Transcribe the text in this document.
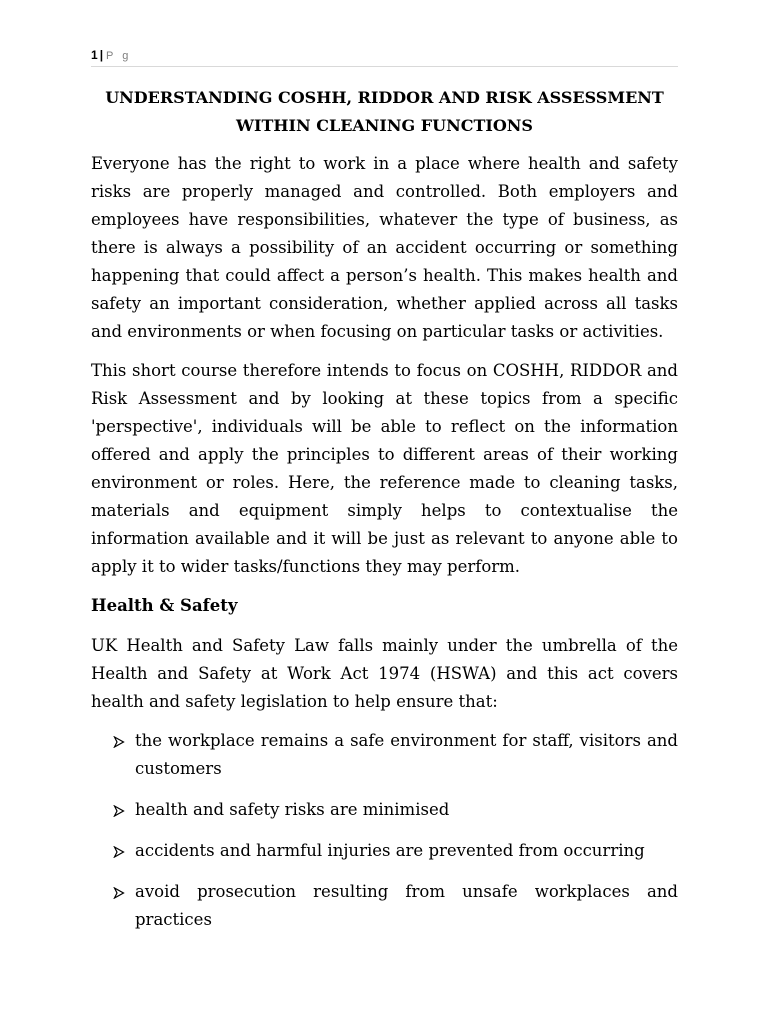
1 | P g
UNDERSTANDING COSHH, RIDDOR AND RISK ASSESSMENT
WITHIN CLEANING FUNCTIONS

Everyone has the right to work in a place where health and safety risks are properly managed and controlled. Both employers and employees have responsibilities, whatever the type of business, as there is always a possibility of an accident occurring or something happening that could affect a person’s health. This makes health and safety an important consideration, whether applied across all tasks and environments or when focusing on particular tasks or activities.

This short course therefore intends to focus on COSHH, RIDDOR and Risk Assessment and by looking at these topics from a specific 'perspective', individuals will be able to reflect on the information offered and apply the principles to different areas of their working environment or roles. Here, the reference made to cleaning tasks, materials and equipment simply helps to contextualise the information available and it will be just as relevant to anyone able to apply it to wider tasks/functions they may perform.

Health & Safety

UK Health and Safety Law falls mainly under the umbrella of the Health and Safety at Work Act 1974 (HSWA) and this act covers health and safety legislation to help ensure that:

the workplace remains a safe environment for staff, visitors and customers
health and safety risks are minimised
accidents and harmful injuries are prevented from occurring
avoid prosecution resulting from unsafe workplaces and practices
